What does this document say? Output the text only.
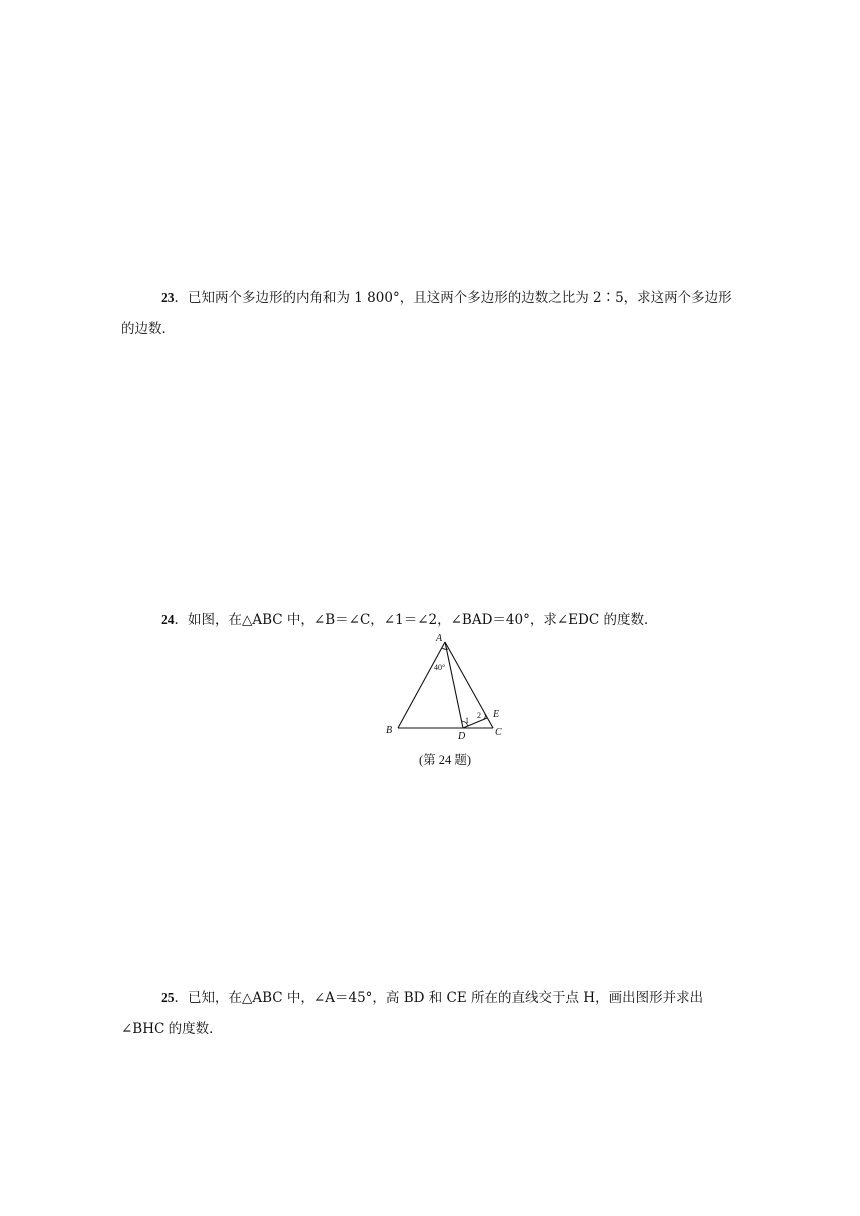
23．已知两个多边形的内角和为 1 800°，且这两个多边形的边数之比为 2∶5，求这两个多边形的边数．

24．如图，在△ABC 中，∠B＝∠C，∠1＝∠2，∠BAD＝40°，求∠EDC 的度数．

A
B	C
D
E
40°
1
2
(第 24 题)

25．已知，在△ABC 中，∠A＝45°，高 BD 和 CE 所在的直线交于点 H，画出图形并求出∠BHC 的度数．
